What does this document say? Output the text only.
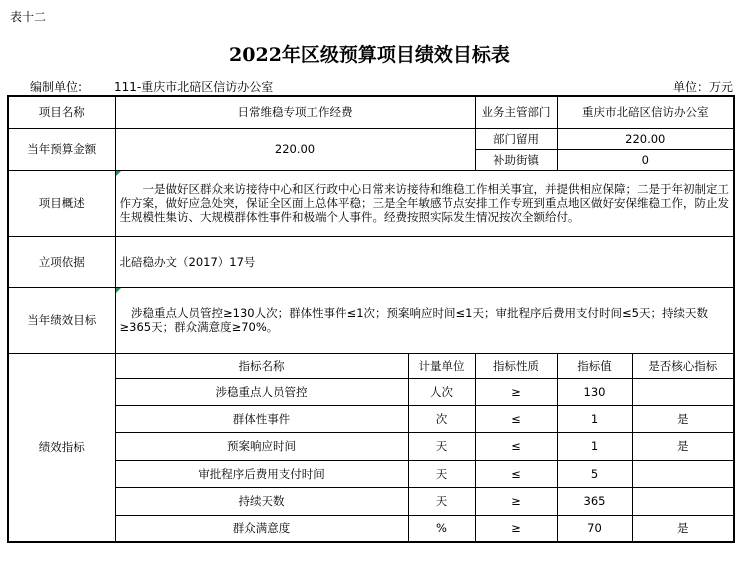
表十二
2022年区级预算项目绩效目标表
编制单位:	111-重庆市北碚区信访办公室	单位：万元
项目名称	日常维稳专项工作经费		业务主管部门	重庆市北碚区信访办公室	
当年预算金额	220.00		部门留用	220.00	
			补助街镇	0	
项目概述	一是做好区群众来访接待中心和区行政中心日常来访接待和维稳工作相关事宜，并提供相应保障；二是于年初制定工作方案，做好应急处突，保证全区面上总体平稳；三是全年敏感节点安排工作专班到重点地区做好安保维稳工作，防止发生规模性集访、大规模群体性事件和极端个人事件。经费按照实际发生情况按次全额给付。				
立项依据	北碚稳办文（2017）17号				
当年绩效目标	涉稳重点人员管控≥130人次；群体性事件≤1次；预案响应时间≤1天；审批程序后费用支付时间≤5天；持续天数≥365天；群众满意度≥70%。				
绩效指标	指标名称	计量单位	指标性质	指标值	是否核心指标
	涉稳重点人员管控	人次	≥	130	
	群体性事件	次	≤	1	是
	预案响应时间	天	≤	1	是
	审批程序后费用支付时间	天	≤	5	
	持续天数	天	≥	365	
	群众满意度	%	≥	70	是
